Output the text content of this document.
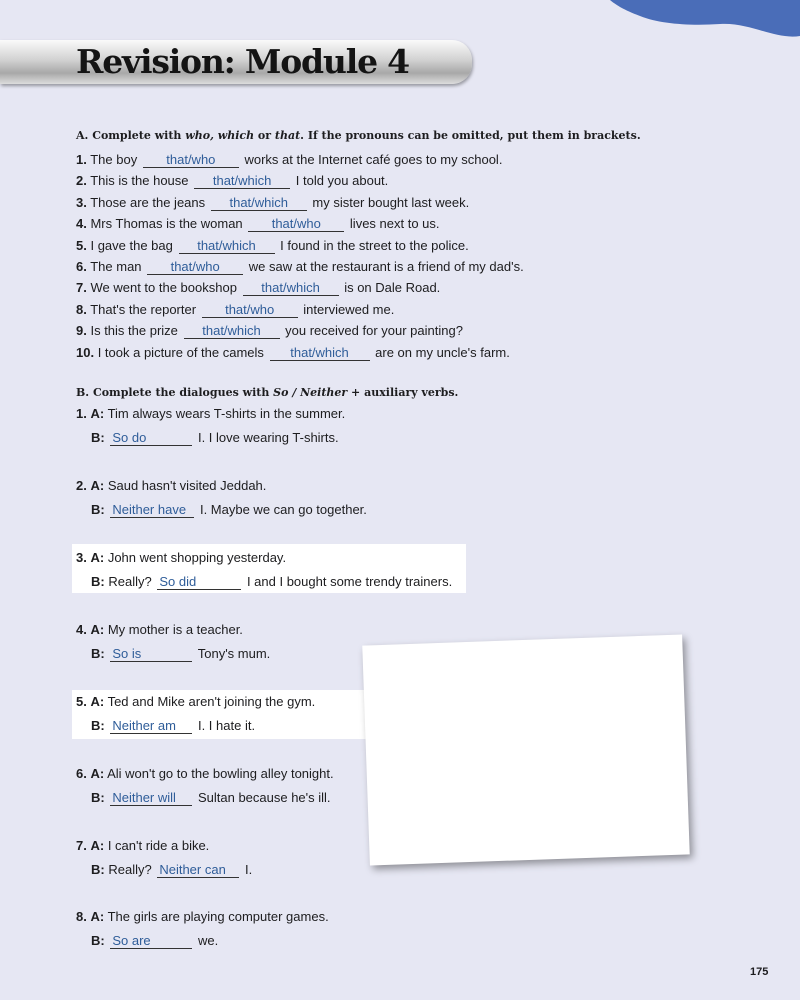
Revision: Module 4

A. Complete with who, which or that. If the pronouns can be omitted, put them in brackets.

1. The boy that/who works at the Internet café goes to my school.
2. This is the house that/which I told you about.
3. Those are the jeans that/which my sister bought last week.
4. Mrs Thomas is the woman that/who lives next to us.
5. I gave the bag that/which I found in the street to the police.
6. The man that/who we saw at the restaurant is a friend of my dad's.
7. We went to the bookshop that/which is on Dale Road.
8. That's the reporter that/who interviewed me.
9. Is this the prize that/which you received for your painting?
10. I took a picture of the camels that/which are on my uncle's farm.

B. Complete the dialogues with So / Neither + auxiliary verbs.

1. A: Tim always wears T-shirts in the summer.
B: So do	I. I love wearing T-shirts.
2. A: Saud hasn't visited Jeddah.
B: Neither have I. Maybe we can go together.
3. A: John went shopping yesterday.
B: Really? So did	I and I bought some trendy trainers.
4. A: My mother is a teacher.
B: So is	Tony's mum.
5. A: Ted and Mike aren't joining the gym.
B: Neither am I. I hate it.
6. A: Ali won't go to the bowling alley tonight.
B: Neither will Sultan because he's ill.
7. A: I can't ride a bike.
B: Really? Neither can I.
8. A: The girls are playing computer games.
B: So are	we.
175
